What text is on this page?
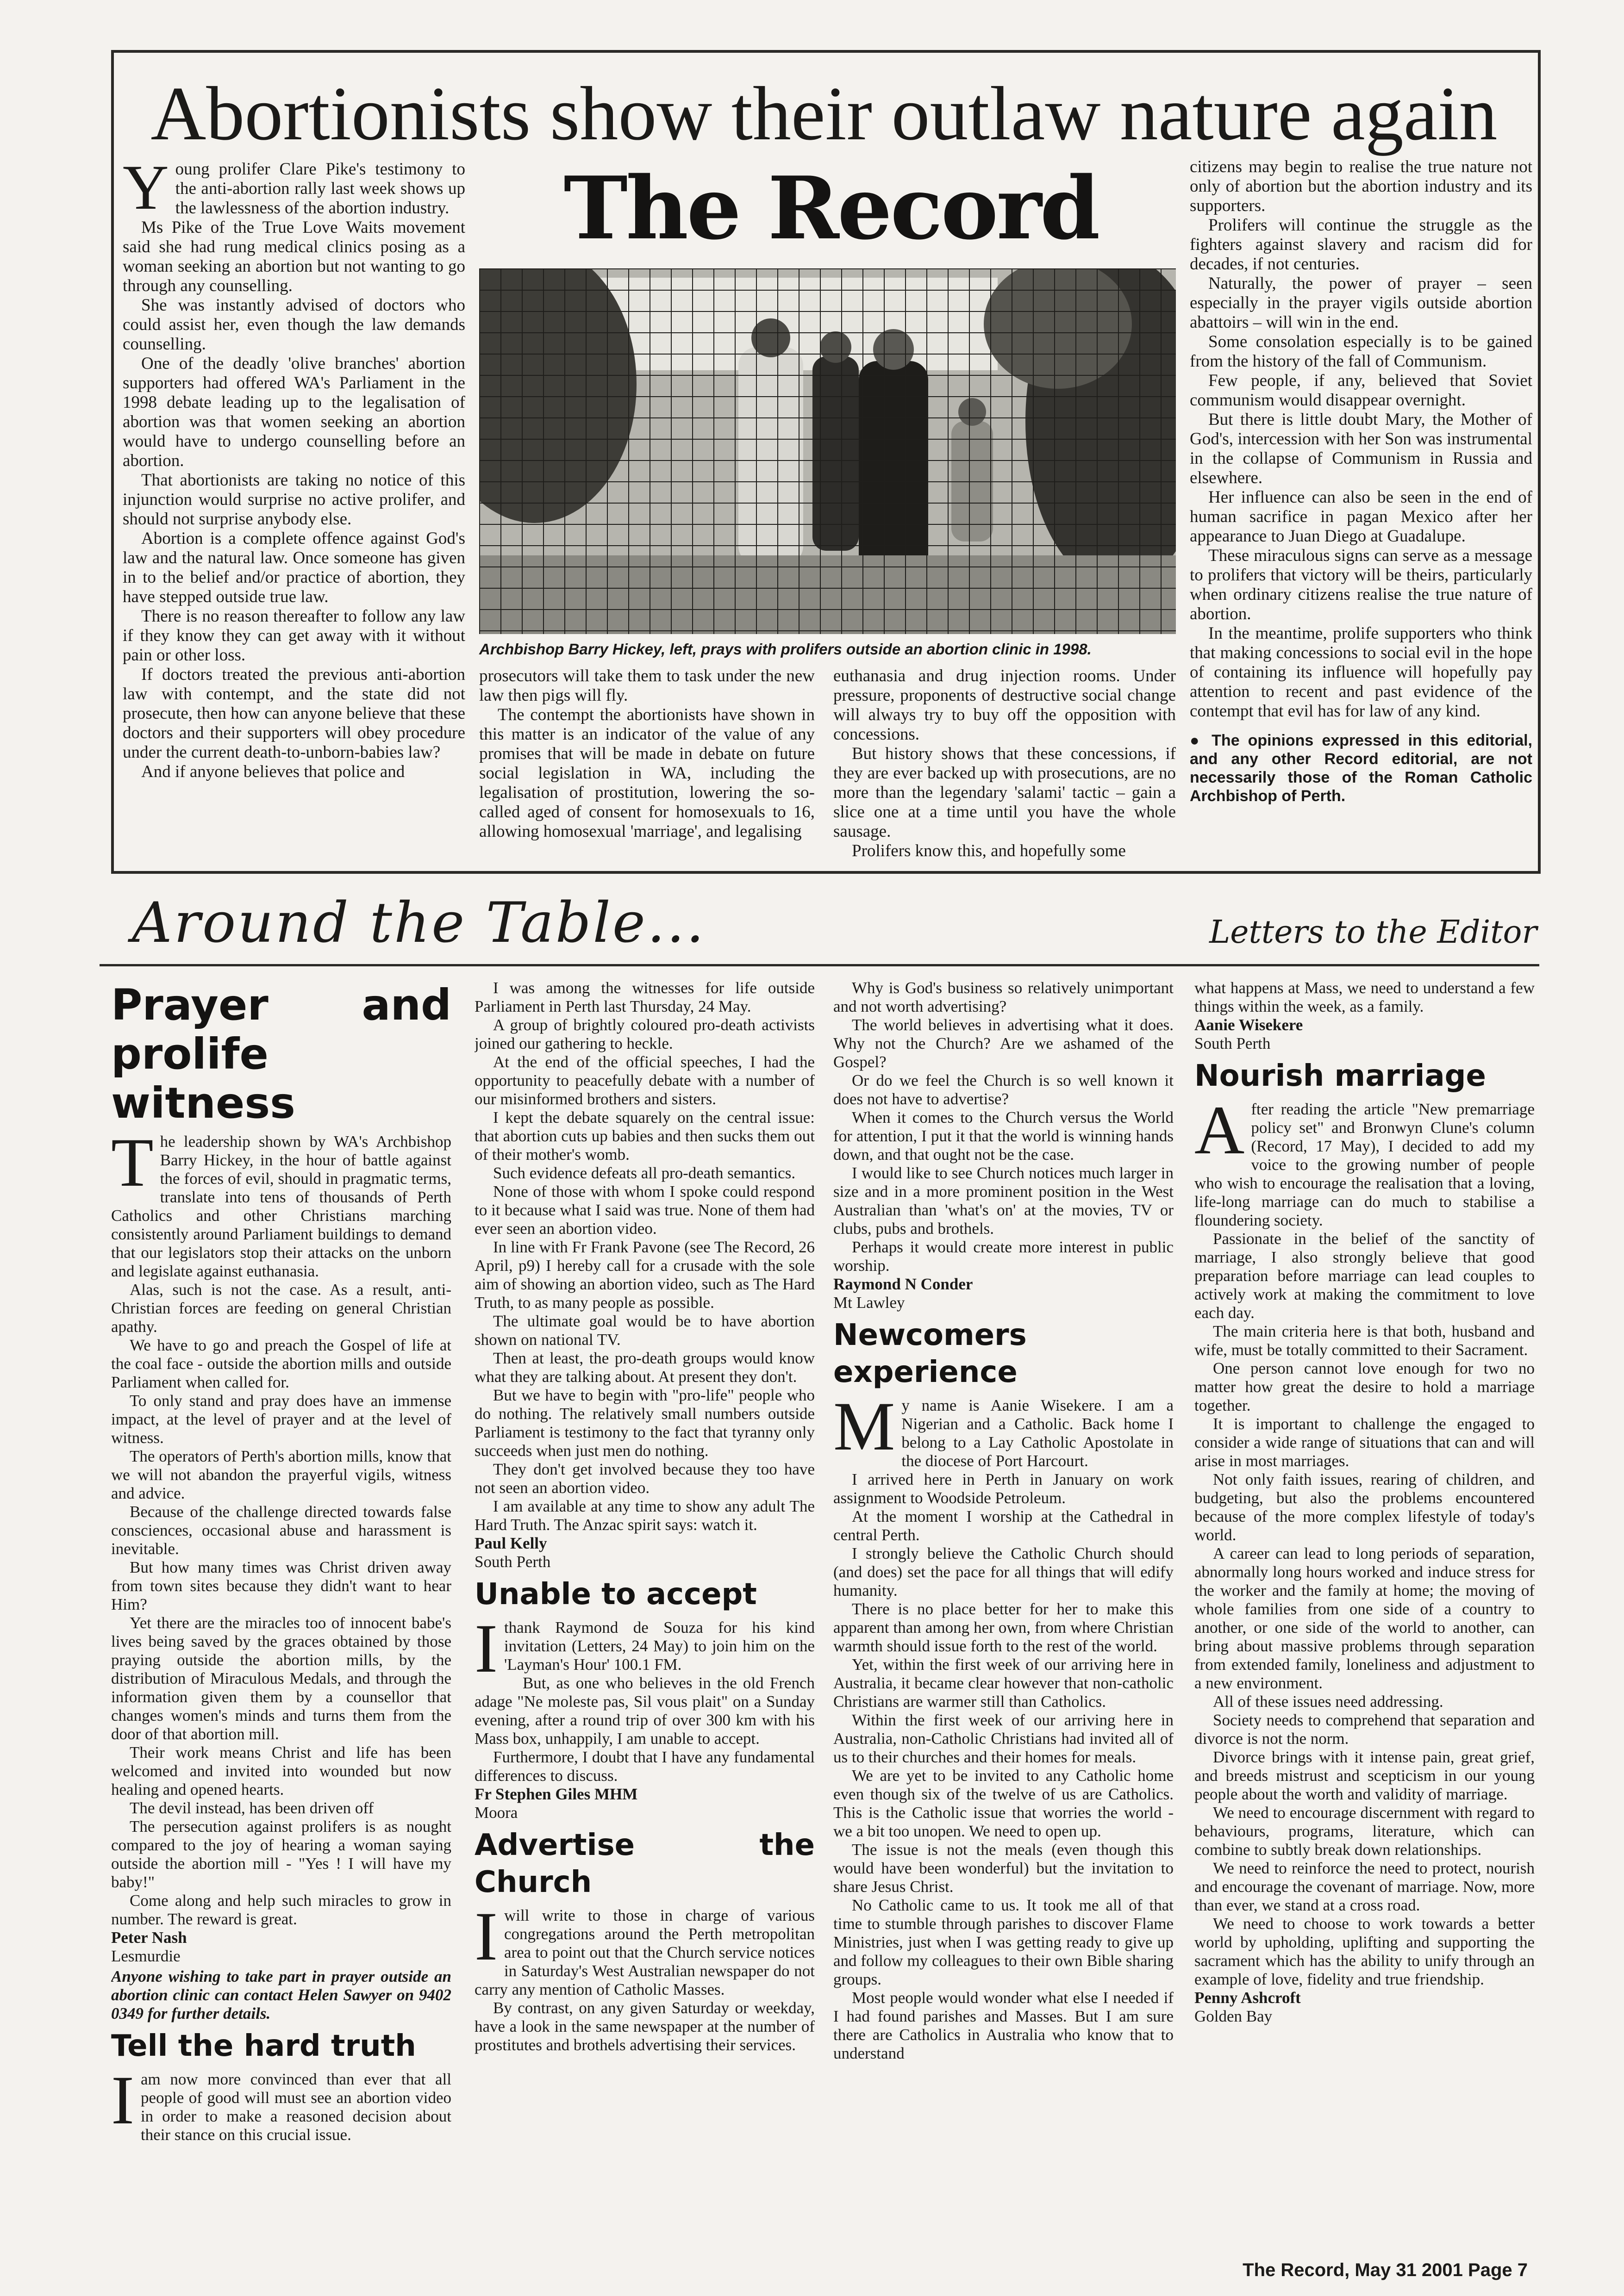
Abortionists show their outlaw nature again
Y oung prolifer Clare Pike's testimony to the anti-abortion rally last week shows up the lawlessness of the abortion industry.

Ms Pike of the True Love Waits movement said she had rung medical clinics posing as a woman seeking an abortion but not wanting to go through any counselling.

She was instantly advised of doctors who could assist her, even though the law demands counselling.

One of the deadly 'olive branches' abortion supporters had offered WA's Parliament in the 1998 debate leading up to the legalisation of abortion was that women seeking an abortion would have to undergo counselling before an abortion.

That abortionists are taking no notice of this injunction would surprise no active prolifer, and should not surprise anybody else.

Abortion is a complete offence against God's law and the natural law. Once someone has given in to the belief and/or practice of abortion, they have stepped outside true law.

There is no reason thereafter to follow any law if they know they can get away with it without pain or other loss.

If doctors treated the previous anti-abortion law with contempt, and the state did not prosecute, then how can anyone believe that these doctors and their supporters will obey procedure under the current death-to-unborn-babies law?

And if anyone believes that police and

The Record
Archbishop Barry Hickey, left, prays with prolifers outside an abortion clinic in 1998.

prosecutors will take them to task under the new law then pigs will fly.

The contempt the abortionists have shown in this matter is an indicator of the value of any promises that will be made in debate on future social legislation in WA, including the legalisation of prostitution, lowering the so-called aged of consent for homosexuals to 16, allowing homosexual 'marriage', and legalising

euthanasia and drug injection rooms. Under pressure, proponents of destructive social change will always try to buy off the opposition with concessions.

But history shows that these concessions, if they are ever backed up with prosecutions, are no more than the legendary 'salami' tactic – gain a slice one at a time until you have the whole sausage.

Prolifers know this, and hopefully some

citizens may begin to realise the true nature not only of abortion but the abortion industry and its supporters.

Prolifers will continue the struggle as the fighters against slavery and racism did for decades, if not centuries.

Naturally, the power of prayer – seen especially in the prayer vigils outside abortion abattoirs – will win in the end.

Some consolation especially is to be gained from the history of the fall of Communism.

Few people, if any, believed that Soviet communism would disappear overnight.

But there is little doubt Mary, the Mother of God's, intercession with her Son was instrumental in the collapse of Communism in Russia and elsewhere.

Her influence can also be seen in the end of human sacrifice in pagan Mexico after her appearance to Juan Diego at Guadalupe.

These miraculous signs can serve as a message to prolifers that victory will be theirs, particularly when ordinary citizens realise the true nature of abortion.

In the meantime, prolife supporters who think that making concessions to social evil in the hope of containing its influence will hopefully pay attention to recent and past evidence of the contempt that evil has for law of any kind.

● The opinions expressed in this editorial, and any other Record editorial, are not necessarily those of the Roman Catholic Archbishop of Perth.

Around the Table...	Letters to the Editor
Prayer and prolife witness
T he leadership shown by WA's Archbishop Barry Hickey, in the hour of battle against the forces of evil, should in pragmatic terms, translate into tens of thousands of Perth Catholics and other Christians marching consistently around Parliament buildings to demand that our legislators stop their attacks on the unborn and legislate against euthanasia.

Alas, such is not the case. As a result, anti-Christian forces are feeding on general Christian apathy.

We have to go and preach the Gospel of life at the coal face - outside the abortion mills and outside Parliament when called for.

To only stand and pray does have an immense impact, at the level of prayer and at the level of witness.

The operators of Perth's abortion mills, know that we will not abandon the prayerful vigils, witness and advice.

Because of the challenge directed towards false consciences, occasional abuse and harassment is inevitable.

But how many times was Christ driven away from town sites because they didn't want to hear Him?

Yet there are the miracles too of innocent babe's lives being saved by the graces obtained by those praying outside the abortion mills, by the distribution of Miraculous Medals, and through the information given them by a counsellor that changes women's minds and turns them from the door of that abortion mill.

Their work means Christ and life has been welcomed and invited into wounded but now healing and opened hearts.

The devil instead, has been driven off

The persecution against prolifers is as nought compared to the joy of hearing a woman saying outside the abortion mill - "Yes ! I will have my baby!"

Come along and help such miracles to grow in number. The reward is great.

Peter Nash

Lesmurdie

Anyone wishing to take part in prayer outside an abortion clinic can contact Helen Sawyer on 9402 0349 for further details.

Tell the hard truth
I am now more convinced than ever that all people of good will must see an abortion video in order to make a reasoned decision about their stance on this crucial issue.

I was among the witnesses for life outside Parliament in Perth last Thursday, 24 May.

A group of brightly coloured pro-death activists joined our gathering to heckle.

At the end of the official speeches, I had the opportunity to peacefully debate with a number of our misinformed brothers and sisters.

I kept the debate squarely on the central issue: that abortion cuts up babies and then sucks them out of their mother's womb.

Such evidence defeats all pro-death semantics.

None of those with whom I spoke could respond to it because what I said was true. None of them had ever seen an abortion video.

In line with Fr Frank Pavone (see The Record, 26 April, p9) I hereby call for a crusade with the sole aim of showing an abortion video, such as The Hard Truth, to as many people as possible.

The ultimate goal would be to have abortion shown on national TV.

Then at least, the pro-death groups would know what they are talking about. At present they don't.

But we have to begin with "pro-life" people who do nothing. The relatively small numbers outside Parliament is testimony to the fact that tyranny only succeeds when just men do nothing.

They don't get involved because they too have not seen an abortion video.

I am available at any time to show any adult The Hard Truth. The Anzac spirit says: watch it.

Paul Kelly

South Perth

Unable to accept
I thank Raymond de Souza for his kind invitation (Letters, 24 May) to join him on the 'Layman's Hour' 100.1 FM.

But, as one who believes in the old French adage "Ne moleste pas, Sil vous plait" on a Sunday evening, after a round trip of over 300 km with his Mass box, unhappily, I am unable to accept.

Furthermore, I doubt that I have any fundamental differences to discuss.

Fr Stephen Giles MHM

Moora

Advertise the Church
I will write to those in charge of various congregations around the Perth metropolitan area to point out that the Church service notices in Saturday's West Australian newspaper do not carry any mention of Catholic Masses.

By contrast, on any given Saturday or weekday, have a look in the same newspaper at the number of prostitutes and brothels advertising their services.

Why is God's business so relatively unimportant and not worth advertising?

The world believes in advertising what it does. Why not the Church? Are we ashamed of the Gospel?

Or do we feel the Church is so well known it does not have to advertise?

When it comes to the Church versus the World for attention, I put it that the world is winning hands down, and that ought not be the case.

I would like to see Church notices much larger in size and in a more prominent position in the West Australian than 'what's on' at the movies, TV or clubs, pubs and brothels.

Perhaps it would create more interest in public worship.

Raymond N Conder

Mt Lawley

Newcomers experience
M y name is Aanie Wisekere. I am a Nigerian and a Catholic. Back home I belong to a Lay Catholic Apostolate in the diocese of Port Harcourt.

I arrived here in Perth in January on work assignment to Woodside Petroleum.

At the moment I worship at the Cathedral in central Perth.

I strongly believe the Catholic Church should (and does) set the pace for all things that will edify humanity.

There is no place better for her to make this apparent than among her own, from where Christian warmth should issue forth to the rest of the world.

Yet, within the first week of our arriving here in Australia, it became clear however that non-catholic Christians are warmer still than Catholics.

Within the first week of our arriving here in Australia, non-Catholic Christians had invited all of us to their churches and their homes for meals.

We are yet to be invited to any Catholic home even though six of the twelve of us are Catholics. This is the Catholic issue that worries the world - we a bit too unopen. We need to open up.

The issue is not the meals (even though this would have been wonderful) but the invitation to share Jesus Christ.

No Catholic came to us. It took me all of that time to stumble through parishes to discover Flame Ministries, just when I was getting ready to give up and follow my colleagues to their own Bible sharing groups.

Most people would wonder what else I needed if I had found parishes and Masses. But I am sure there are Catholics in Australia who know that to understand

what happens at Mass, we need to understand a few things within the week, as a family.

Aanie Wisekere

South Perth

Nourish marriage
A fter reading the article "New premarriage policy set" and Bronwyn Clune's column (Record, 17 May), I decided to add my voice to the growing number of people who wish to encourage the realisation that a loving, life-long marriage can do much to stabilise a floundering society.

Passionate in the belief of the sanctity of marriage, I also strongly believe that good preparation before marriage can lead couples to actively work at making the commitment to love each day.

The main criteria here is that both, husband and wife, must be totally committed to their Sacrament.

One person cannot love enough for two no matter how great the desire to hold a marriage together.

It is important to challenge the engaged to consider a wide range of situations that can and will arise in most marriages.

Not only faith issues, rearing of children, and budgeting, but also the problems encountered because of the more complex lifestyle of today's world.

A career can lead to long periods of separation, abnormally long hours worked and induce stress for the worker and the family at home; the moving of whole families from one side of a country to another, or one side of the world to another, can bring about massive problems through separation from extended family, loneliness and adjustment to a new environment.

All of these issues need addressing.

Society needs to comprehend that separation and divorce is not the norm.

Divorce brings with it intense pain, great grief, and breeds mistrust and scepticism in our young people about the worth and validity of marriage.

We need to encourage discernment with regard to behaviours, programs, literature, which can combine to subtly break down relationships.

We need to reinforce the need to protect, nourish and encourage the covenant of marriage. Now, more than ever, we stand at a cross road.

We need to choose to work towards a better world by upholding, uplifting and supporting the sacrament which has the ability to unify through an example of love, fidelity and true friendship.

Penny Ashcroft

Golden Bay

The Record, May 31 2001 Page 7
